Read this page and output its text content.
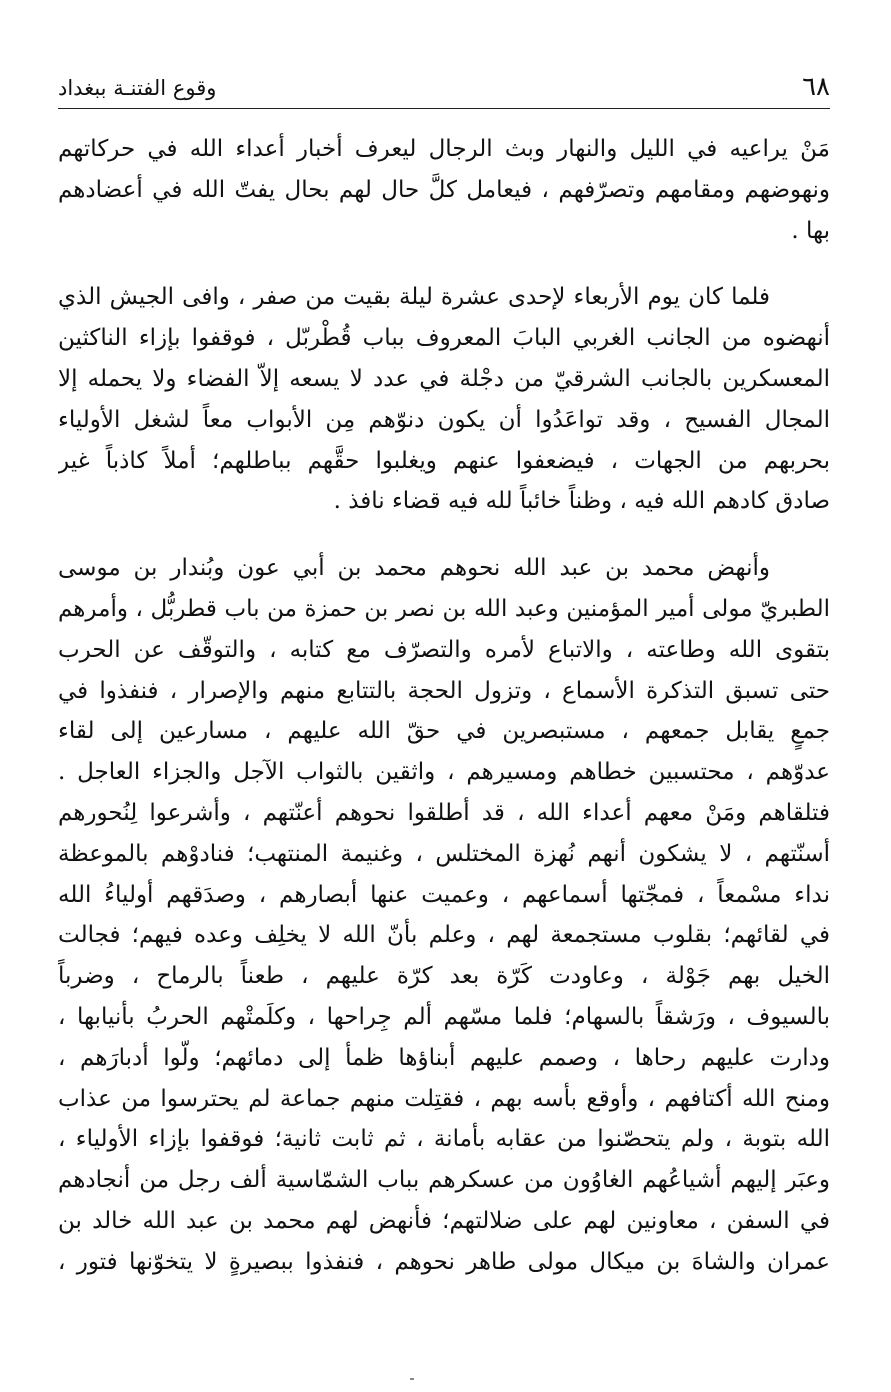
٦٨
وقوع الفتنـة ببغداد

مَنْ يراعيه في الليل والنهار وبث الرجال ليعرف أخبار أعداء الله في حركاتهم
ونهوضهم ومقامهم وتصرّفهم ، فيعامل كلَّ حال لهم بحال يفتّ الله في أعضادهم
بها .

فلما كان يوم الأربعاء لإحدى عشرة ليلة بقيت من صفر ، وافى الجيش الذي
أنهضوه من الجانب الغربي البابَ المعروف بباب قُطْربّل ، فوقفوا بإزاء الناكثين
المعسكرين بالجانب الشرقيّ من دجْلة في عدد لا يسعه إلاّ الفضاء ولا يحمله إلا
المجال الفسيح ، وقد تواعَدُوا أن يكون دنوّهم مِن الأبواب معاً لشغل الأولياء
بحربهم من الجهات ، فيضعفوا عنهم ويغلبوا حقَّهم بباطلهم؛ أملاً كاذباً غير
صادق كادهم الله فيه ، وظناً خائباً لله فيه قضاء نافذ .

وأنهض محمد بن عبد الله نحوهم محمد بن أبي عون وبُندار بن موسى
الطبريّ مولى أمير المؤمنين وعبد الله بن نصر بن حمزة من باب قطربُّل ، وأمرهم
بتقوى الله وطاعته ، والاتباع لأمره والتصرّف مع كتابه ، والتوقّف عن الحرب
حتى تسبق التذكرة الأسماع ، وتزول الحجة بالتتابع منهم والإصرار ، فنفذوا في
جمعٍ يقابل جمعهم ، مستبصرين في حقّ الله عليهم ، مسارعين إلى لقاء
عدوّهم ، محتسبين خطاهم ومسيرهم ، واثقين بالثواب الآجل والجزاء العاجل .
فتلقاهم ومَنْ معهم أعداء الله ، قد أطلقوا نحوهم أعنّتهم ، وأشرعوا لِنُحورهم
أسنّتهم ، لا يشكون أنهم نُهزة المختلس ، وغنيمة المنتهب؛ فنادوْهم بالموعظة
نداء مسْمعاً ، فمجّتها أسماعهم ، وعميت عنها أبصارهم ، وصدَقهم أولياءُ الله
في لقائهم؛ بقلوب مستجمعة لهم ، وعلم بأنّ الله لا يخلِف وعده فيهم؛ فجالت
الخيل بهم جَوْلة ، وعاودت كَرّة بعد كرّة عليهم ، طعناً بالرماح ، وضرباً
بالسيوف ، ورَشقاً بالسهام؛ فلما مسّهم ألم جِراحها ، وكلَمتْهم الحربُ بأنيابها ،
ودارت عليهم رحاها ، وصمم عليهم أبناؤها ظمأ إلى دمائهم؛ ولّوا أدبارَهم ،
ومنح الله أكتافهم ، وأوقع بأسه بهم ، فقتِلت منهم جماعة لم يحترسوا من عذاب
الله بتوبة ، ولم يتحصّنوا من عقابه بأمانة ، ثم ثابت ثانية؛ فوقفوا بإزاء الأولياء ،
وعبَر إليهم أشياعُهم الغاوُون من عسكرهم بباب الشمّاسية ألف رجل من أنجادهم
في السفن ، معاونين لهم على ضلالتهم؛ فأنهض لهم محمد بن عبد الله خالد بن
عمران والشاهَ بن ميكال مولى طاهر نحوهم ، فنفذوا ببصيرةٍ لا يتخوّنها فتور ،
